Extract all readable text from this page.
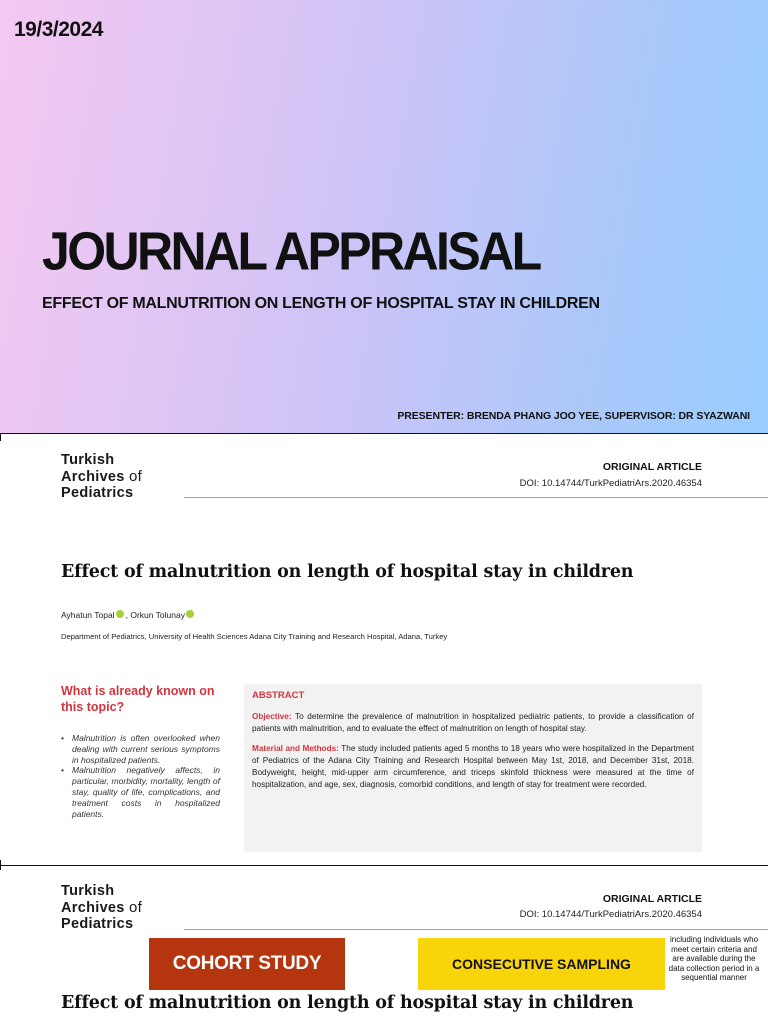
19/3/2024
JOURNAL APPRAISAL
EFFECT OF MALNUTRITION ON LENGTH OF HOSPITAL STAY IN CHILDREN
PRESENTER: BRENDA PHANG JOO YEE, SUPERVISOR: DR SYAZWANI
Turkish
Archives of
Pediatrics
ORIGINAL ARTICLE
DOI: 10.14744/TurkPediatriArs.2020.46354
Effect of malnutrition on length of hospital stay in children
Ayhatun Topal , Orkun Tolunay
Department of Pediatrics, University of Health Sciences Adana City Training and Research Hospital, Adana, Turkey
What is already known on this topic?
• Malnutrition is often overlooked when dealing with current serious symptoms in hospitalized patients.
• Malnutrition negatively affects, in particular, morbidity, mortality, length of stay, quality of life, complications, and treatment costs in hospitalized patients.
ABSTRACT

Objective: To determine the prevalence of malnutrition in hospitalized pediatric patients, to provide a classification of patients with malnutrition, and to evaluate the effect of malnutrition on length of hospital stay.

Material and Methods: The study included patients aged 5 months to 18 years who were hospitalized in the Department of Pediatrics of the Adana City Training and Research Hospital between May 1st, 2018, and December 31st, 2018. Bodyweight, height, mid-upper arm circumference, and triceps skinfold thickness were measured at the time of hospitalization, and age, sex, diagnosis, comorbid conditions, and length of stay for treatment were recorded.

Turkish
Archives of
Pediatrics
ORIGINAL ARTICLE
DOI: 10.14744/TurkPediatriArs.2020.46354
COHORT STUDY	CONSECUTIVE SAMPLING
including individuals who meet certain criteria and are available during the data collection period in a sequential manner
Effect of malnutrition on length of hospital stay in children
